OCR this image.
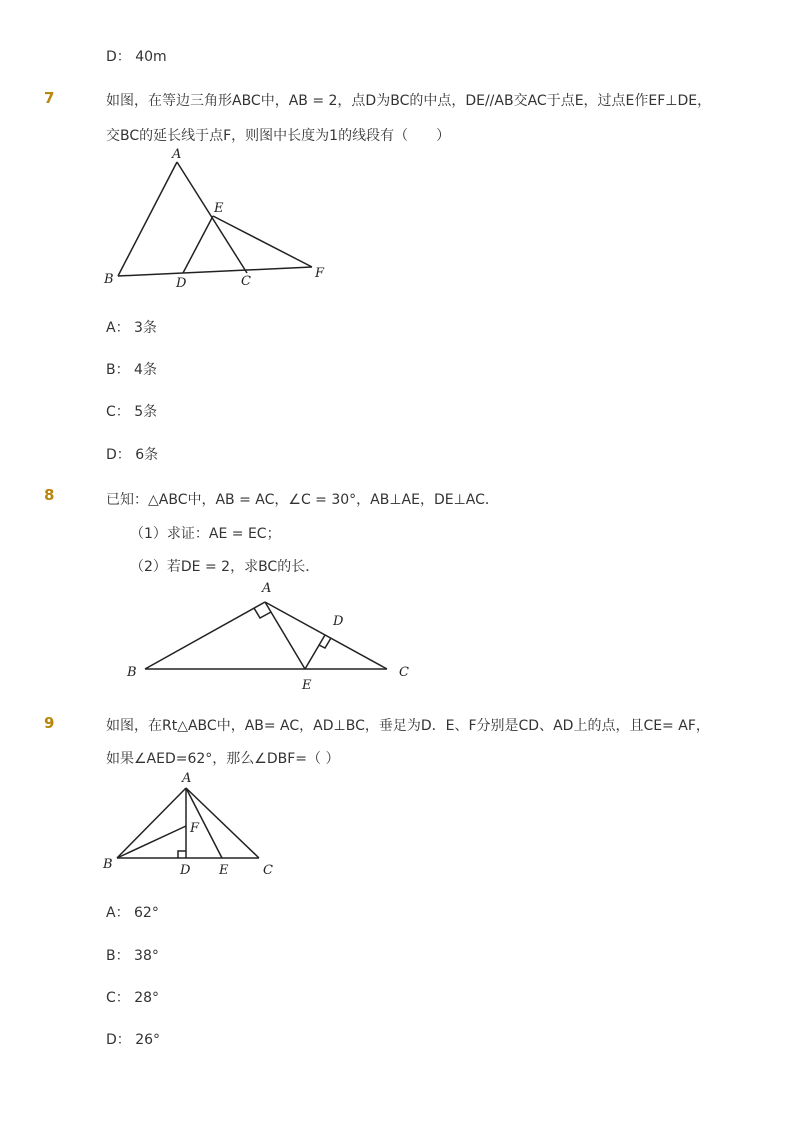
D： 40m
7	如图，在等边三角形ABC中，AB = 2，点D为BC的中点，DE//AB交AC于点E，过点E作EF⊥DE，
交BC的延长线于点F，则图中长度为1的线段有（　　）
A
B	C
D
E
F
A： 3条
B： 4条
C： 5条
D： 6条
8	已知：△ABC中，AB = AC，∠C = 30°，AB⊥AE，DE⊥AC．
（1）求证：AE = EC；
（2）若DE = 2，求BC的长．
A
B	C
D
E
9	如图，在Rt△ABC中，AB= AC，AD⊥BC，垂足为D．E、F分别是CD、AD上的点，且CE= AF，
如果∠AED=62°，那么∠DBF=（ ）
A
B	C
D E
F
A： 62°
B： 38°
C： 28°
D： 26°
